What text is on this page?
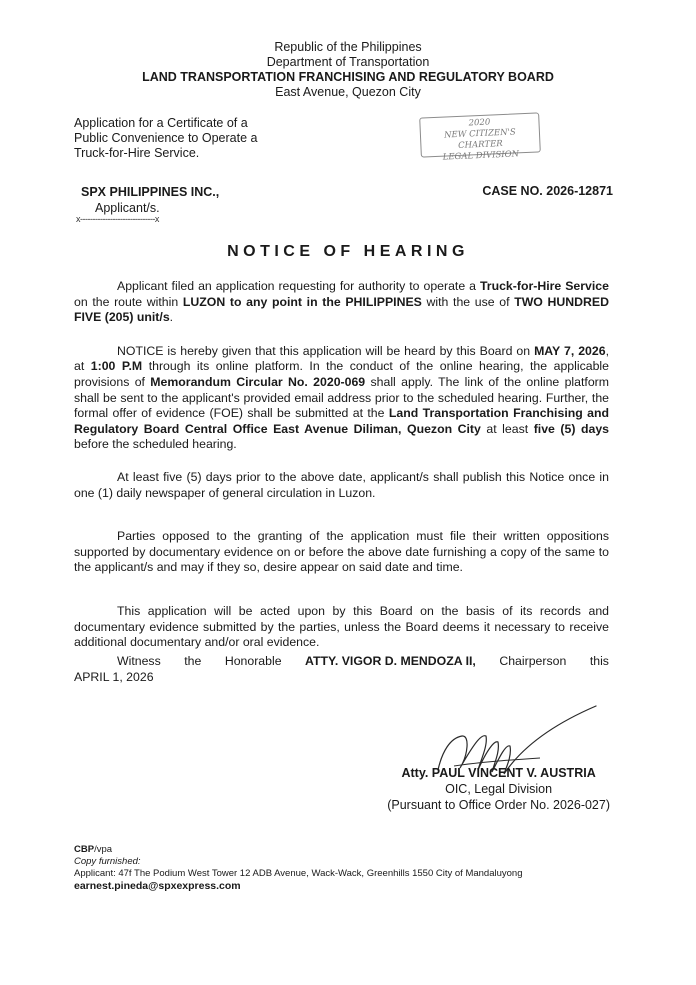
Republic of the Philippines
Department of Transportation
LAND TRANSPORTATION FRANCHISING AND REGULATORY BOARD
East Avenue, Quezon City
Application for a Certificate of a
Public Convenience to Operate a
Truck-for-Hire Service.
2020
NEW CITIZEN'S CHARTER
LEGAL DIVISION
SPX PHILIPPINES INC.,
Applicant/s.
x------------------------------x
CASE NO. 2026-12871
NOTICE OF HEARING

Applicant filed an application requesting for authority to operate a Truck-for-Hire Service on the route within LUZON to any point in the PHILIPPINES with the use of TWO HUNDRED FIVE (205) unit/s.

NOTICE is hereby given that this application will be heard by this Board on MAY 7, 2026, at 1:00 P.M through its online platform. In the conduct of the online hearing, the applicable provisions of Memorandum Circular No. 2020-069 shall apply. The link of the online platform shall be sent to the applicant's provided email address prior to the scheduled hearing. Further, the formal offer of evidence (FOE) shall be submitted at the Land Transportation Franchising and Regulatory Board Central Office East Avenue Diliman, Quezon City at least five (5) days before the scheduled hearing.

At least five (5) days prior to the above date, applicant/s shall publish this Notice once in one (1) daily newspaper of general circulation in Luzon.

Parties opposed to the granting of the application must file their written oppositions supported by documentary evidence on or before the above date furnishing a copy of the same to the applicant/s and may if they so, desire appear on said date and time.

This application will be acted upon by this Board on the basis of its records and documentary evidence submitted by the parties, unless the Board deems it necessary to receive additional documentary and/or oral evidence.

Witness the Honorable ATTY. VIGOR D. MENDOZA II, Chairperson this
APRIL 1, 2026
Atty. PAUL VINCENT V. AUSTRIA
OIC, Legal Division
(Pursuant to Office Order No. 2026-027)
CBP/vpa
Copy furnished:
Applicant: 47f The Podium West Tower 12 ADB Avenue, Wack-Wack, Greenhills 1550 City of Mandaluyong
earnest.pineda@spxexpress.com
